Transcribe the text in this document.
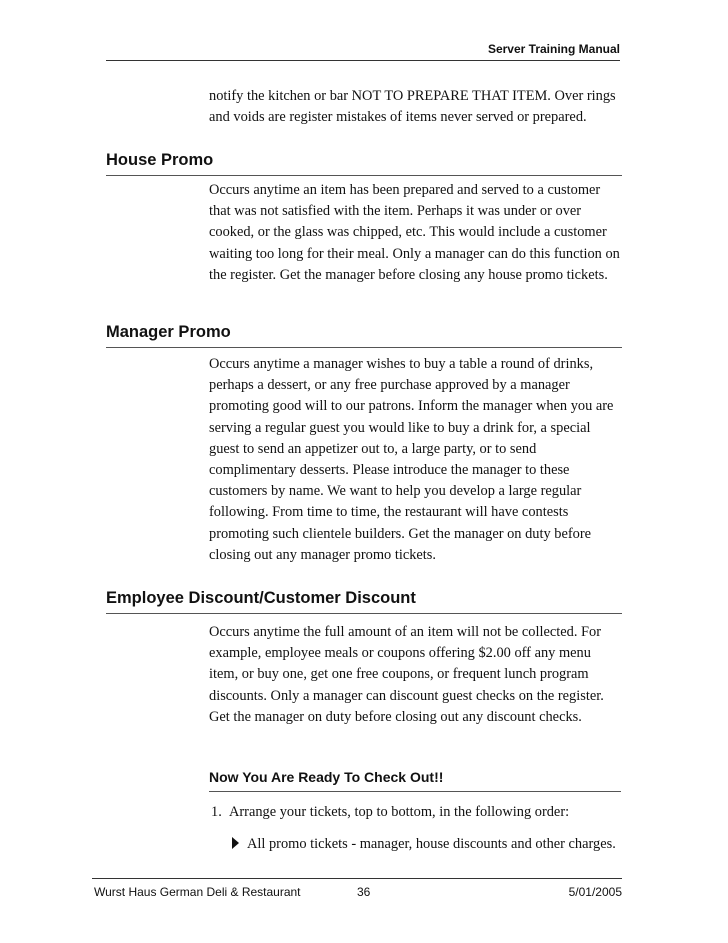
Server Training Manual

notify the kitchen or bar NOT TO PREPARE THAT ITEM. Over rings and voids are register mistakes of items never served or prepared.

House Promo

Occurs anytime an item has been prepared and served to a customer that was not satisfied with the item. Perhaps it was under or over cooked, or the glass was chipped, etc. This would include a customer waiting too long for their meal. Only a manager can do this function on the register. Get the manager before closing any house promo tickets.

Manager Promo

Occurs anytime a manager wishes to buy a table a round of drinks, perhaps a dessert, or any free purchase approved by a manager promoting good will to our patrons. Inform the manager when you are serving a regular guest you would like to buy a drink for, a special guest to send an appetizer out to, a large party, or to send complimentary desserts. Please introduce the manager to these customers by name. We want to help you develop a large regular following. From time to time, the restaurant will have contests promoting such clientele builders. Get the manager on duty before closing out any manager promo tickets.

Employee Discount/Customer Discount

Occurs anytime the full amount of an item will not be collected. For example, employee meals or coupons offering $2.00 off any menu item, or buy one, get one free coupons, or frequent lunch program discounts. Only a manager can discount guest checks on the register. Get the manager on duty before closing out any discount checks.

Now You Are Ready To Check Out!!
1. Arrange your tickets, top to bottom, in the following order:
All promo tickets - manager, house discounts and other charges.
Wurst Haus German Deli & Restaurant	36	5/01/2005
